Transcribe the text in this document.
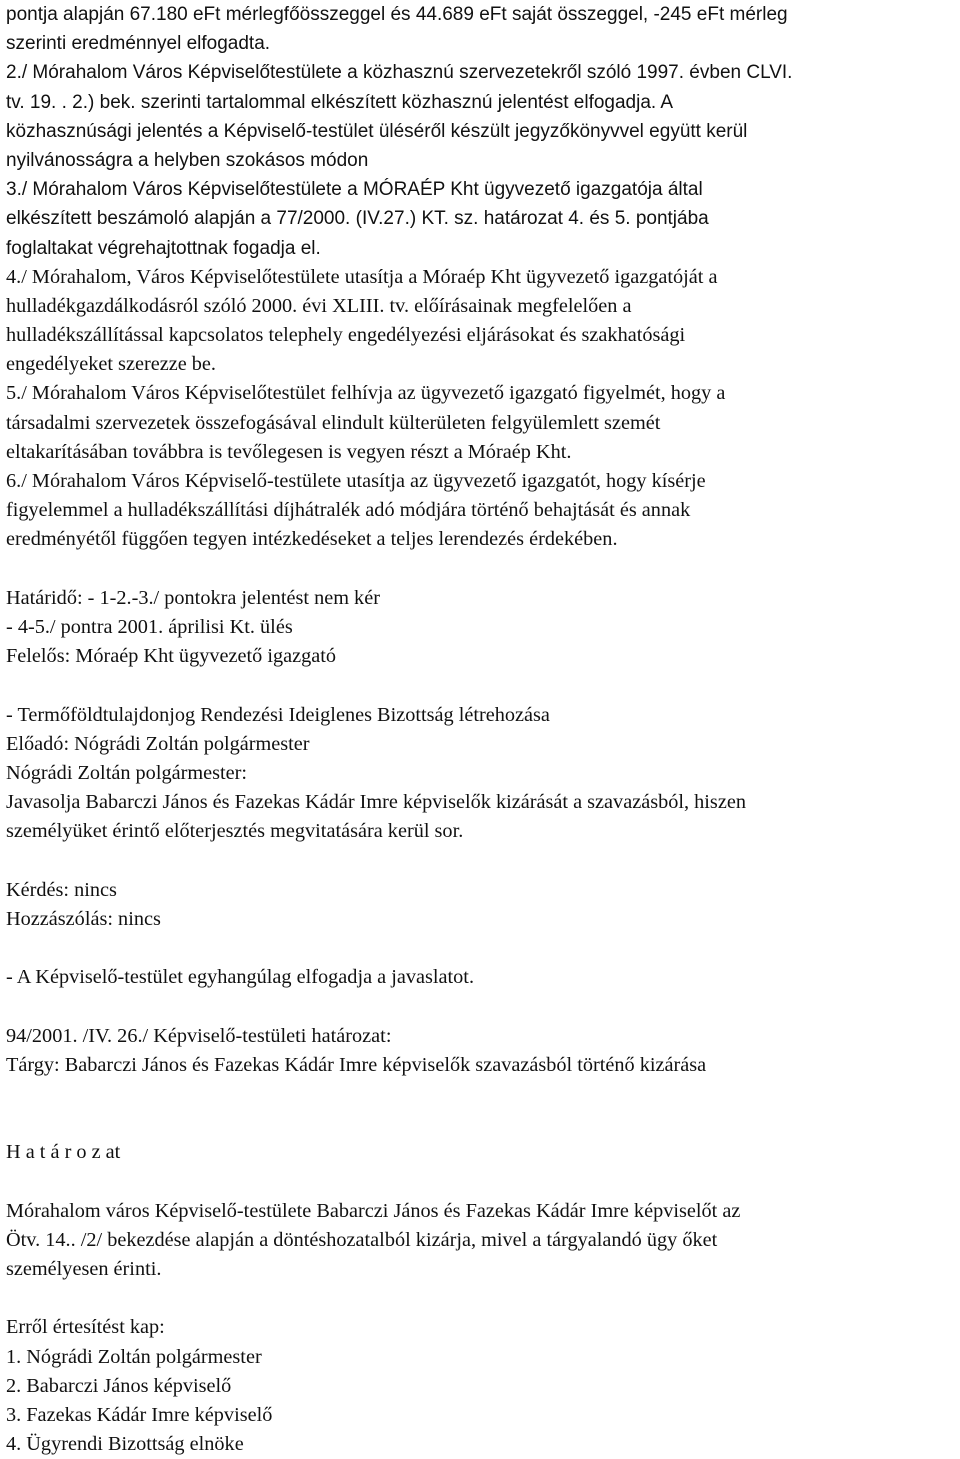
pontja alapján 67.180 eFt mérlegfőösszeggel és 44.689 eFt saját összeggel, -245 eFt mérleg
szerinti eredménnyel elfogadta.
2./ Mórahalom Város Képviselőtestülete a közhasznú szervezetekről szóló 1997. évben CLVI.
tv. 19. . 2.) bek. szerinti tartalommal elkészített közhasznú jelentést elfogadja. A
közhasznúsági jelentés a Képviselő-testület üléséről készült jegyzőkönyvvel együtt kerül
nyilvánosságra a helyben szokásos módon
3./ Mórahalom Város Képviselőtestülete a MÓRAÉP Kht ügyvezető igazgatója által
elkészített beszámoló alapján a 77/2000. (IV.27.) KT. sz. határozat 4. és 5. pontjába
foglaltakat végrehajtottnak fogadja el.
4./ Mórahalom, Város Képviselőtestülete utasítja a Móraép Kht ügyvezető igazgatóját a
hulladékgazdálkodásról szóló 2000. évi XLIII. tv. előírásainak megfelelően a
hulladékszállítással kapcsolatos telephely engedélyezési eljárásokat és szakhatósági
engedélyeket szerezze be.
5./ Mórahalom Város Képviselőtestület felhívja az ügyvezető igazgató figyelmét, hogy a
társadalmi szervezetek összefogásával elindult külterületen felgyülemlett szemét
eltakarításában továbbra is tevőlegesen is vegyen részt a Móraép Kht.
6./ Mórahalom Város Képviselő-testülete utasítja az ügyvezető igazgatót, hogy kísérje
figyelemmel a hulladékszállítási díjhátralék adó módjára történő behajtását és annak
eredményétől függően tegyen intézkedéseket a teljes lerendezés érdekében.
Határidő: - 1-2.-3./ pontokra jelentést nem kér
- 4-5./ pontra 2001. áprilisi Kt. ülés
Felelős: Móraép Kht ügyvezető igazgató
- Termőföldtulajdonjog Rendezési Ideiglenes Bizottság létrehozása
Előadó: Nógrádi Zoltán polgármester
Nógrádi Zoltán polgármester:
Javasolja Babarczi János és Fazekas Kádár Imre képviselők kizárását a szavazásból, hiszen
személyüket érintő előterjesztés megvitatására kerül sor.
Kérdés: nincs
Hozzászólás: nincs
- A Képviselő-testület egyhangúlag elfogadja a javaslatot.
94/2001. /IV. 26./ Képviselő-testületi határozat:
Tárgy: Babarczi János és Fazekas Kádár Imre képviselők szavazásból történő kizárása
H a t á r o z at
Mórahalom város Képviselő-testülete Babarczi János és Fazekas Kádár Imre képviselőt az
Ötv. 14.. /2/ bekezdése alapján a döntéshozatalból kizárja, mivel a tárgyalandó ügy őket
személyesen érinti.
Erről értesítést kap:
1. Nógrádi Zoltán polgármester
2. Babarczi János képviselő
3. Fazekas Kádár Imre képviselő
4. Ügyrendi Bizottság elnöke
